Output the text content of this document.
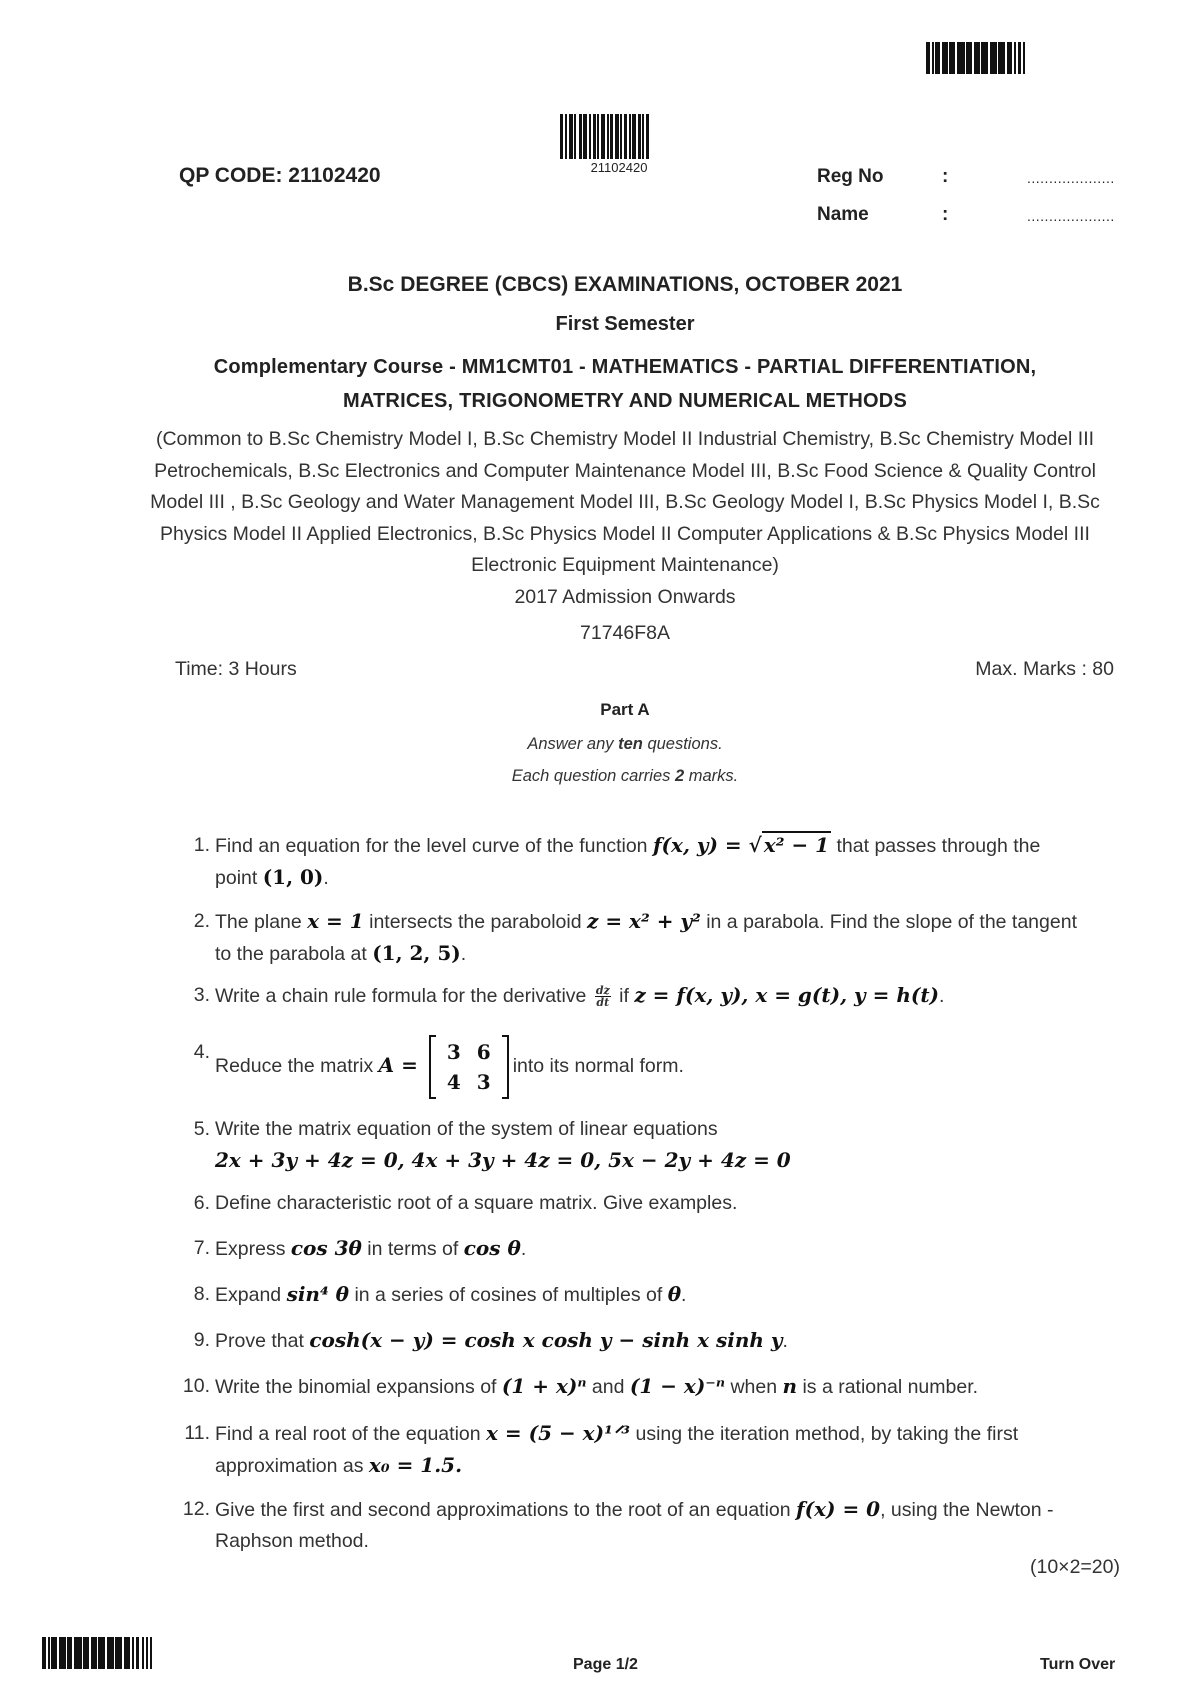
QP CODE: 21102420	21102420	Reg No	:	....................
Name	:	....................
B.Sc DEGREE (CBCS) EXAMINATIONS, OCTOBER 2021
First Semester
Complementary Course - MM1CMT01 - MATHEMATICS - PARTIAL DIFFERENTIATION,
MATRICES, TRIGONOMETRY AND NUMERICAL METHODS
(Common to B.Sc Chemistry Model I, B.Sc Chemistry Model II Industrial Chemistry, B.Sc Chemistry Model III
Petrochemicals, B.Sc Electronics and Computer Maintenance Model III, B.Sc Food Science & Quality Control
Model III , B.Sc Geology and Water Management Model III, B.Sc Geology Model I, B.Sc Physics Model I, B.Sc
Physics Model II Applied Electronics, B.Sc Physics Model II Computer Applications & B.Sc Physics Model III
Electronic Equipment Maintenance)
2017 Admission Onwards
71746F8A
Time: 3 Hours	Max. Marks : 80
Part A
Answer any ten questions.
Each question carries 2 marks.
1. Find an equation for the level curve of the function f(x, y) = √ x² − 1 that passes through the
point (1, 0).
2. The plane x = 1 intersects the paraboloid z = x² + y² in a parabola. Find the slope of the tangent
to the parabola at (1, 2, 5).
3. Write a chain rule formula for the derivative $\frac{dz}{dt}$ if z = f(x, y), x = g(t), y = h(t).
4.
Reduce the matrix A =
3	6
4	3
into its normal form.
5. Write the matrix equation of the system of linear equations
2x + 3y + 4z = 0, 4x + 3y + 4z = 0, 5x − 2y + 4z = 0
6. Define characteristic root of a square matrix. Give examples.
7. Express cos 3θ in terms of cos θ.
8. Expand sin⁴ θ in a series of cosines of multiples of θ.
9. Prove that cosh(x − y) = cosh x cosh y − sinh x sinh y.
10. Write the binomial expansions of (1 + x)ⁿ and (1 − x)⁻ⁿ when n is a rational number.
11. Find a real root of the equation x = (5 − x)¹ᐟ³ using the iteration method, by taking the first
approximation as x₀ = 1.5.
12. Give the first and second approximations to the root of an equation f(x) = 0, using the Newton -
Raphson method.
(10×2=20)
Page 1/2	Turn Over
